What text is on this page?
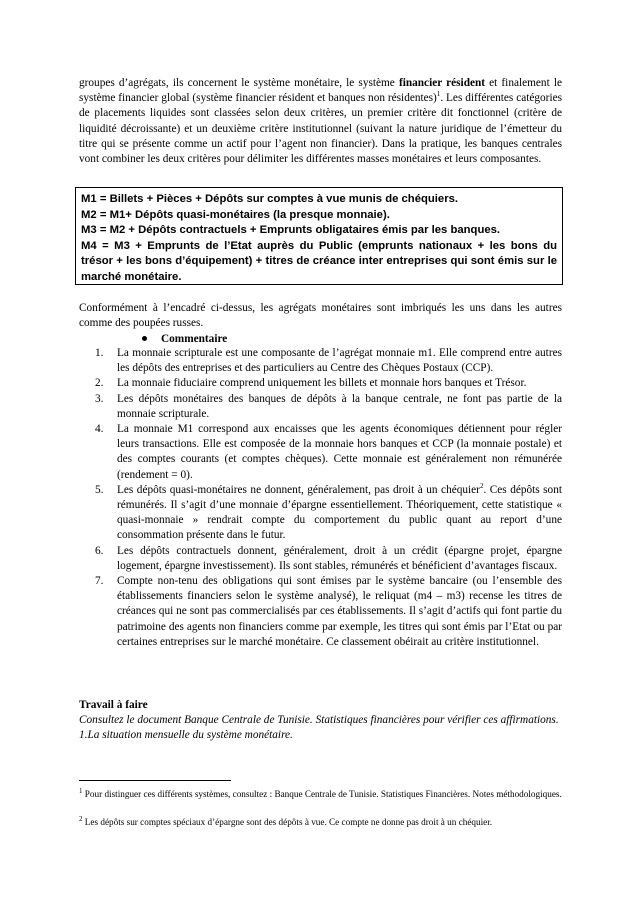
groupes d’agrégats, ils concernent le système monétaire, le système financier résident et finalement le système financier global (système financier résident et banques non résidentes)$^1$. Les différentes catégories de placements liquides sont classées selon deux critères, un premier critère dit fonctionnel (critère de liquidité décroissante) et un deuxième critère institutionnel (suivant la nature juridique de l’émetteur du titre qui se présente comme un actif pour l’agent non financier). Dans la pratique, les banques centrales vont combiner les deux critères pour délimiter les différentes masses monétaires et leurs composantes.
M1 = Billets + Pièces + Dépôts sur comptes à vue munis de chéquiers.
M2 = M1+ Dépôts quasi-monétaires (la presque monnaie).
M3 = M2 + Dépôts contractuels + Emprunts obligataires émis par les banques.
M4 = M3 + Emprunts de l’Etat auprès du Public (emprunts nationaux + les bons du trésor + les bons d’équipement) + titres de créance inter entreprises qui sont émis sur le marché monétaire.
Conformément à l’encadré ci-dessus, les agrégats monétaires sont imbriqués les uns dans les autres comme des poupées russes.
Commentaire
1. La monnaie scripturale est une composante de l’agrégat monnaie m1. Elle comprend entre autres les dépôts des entreprises et des particuliers au Centre des Chèques Postaux (CCP).
2. La monnaie fiduciaire comprend uniquement les billets et monnaie hors banques et Trésor.
3. Les dépôts monétaires des banques de dépôts à la banque centrale, ne font pas partie de la monnaie scripturale.
4. La monnaie M1 correspond aux encaisses que les agents économiques détiennent pour régler leurs transactions. Elle est composée de la monnaie hors banques et CCP (la monnaie postale) et des comptes courants (et comptes chèques). Cette monnaie est généralement non rémunérée (rendement = 0).
5. Les dépôts quasi-monétaires ne donnent, généralement, pas droit à un chéquier$^2$. Ces dépôts sont rémunérés. Il s’agit d’une monnaie d’épargne essentiellement. Théoriquement, cette statistique « quasi-monnaie » rendrait compte du comportement du public quant au report d’une consommation présente dans le futur.
6. Les dépôts contractuels donnent, généralement, droit à un crédit (épargne projet, épargne logement, épargne investissement). Ils sont stables, rémunérés et bénéficient d’avantages fiscaux.
7. Compte non-tenu des obligations qui sont émises par le système bancaire (ou l’ensemble des établissements financiers selon le système analysé), le reliquat (m4 – m3) recense les titres de créances qui ne sont pas commercialisés par ces établissements. Il s’agit d’actifs qui font partie du patrimoine des agents non financiers comme par exemple, les titres qui sont émis par l’Etat ou par certaines entreprises sur le marché monétaire. Ce classement obéirait au critère institutionnel.
Travail à faire
Consultez le document Banque Centrale de Tunisie. Statistiques financières pour vérifier ces affirmations.
1.La situation mensuelle du système monétaire.
$^1$ Pour distinguer ces différents systèmes, consultez : Banque Centrale de Tunisie. Statistiques Financières. Notes méthodologiques.
$^2$ Les dépôts sur comptes spéciaux d’épargne sont des dépôts à vue. Ce compte ne donne pas droit à un chéquier.
